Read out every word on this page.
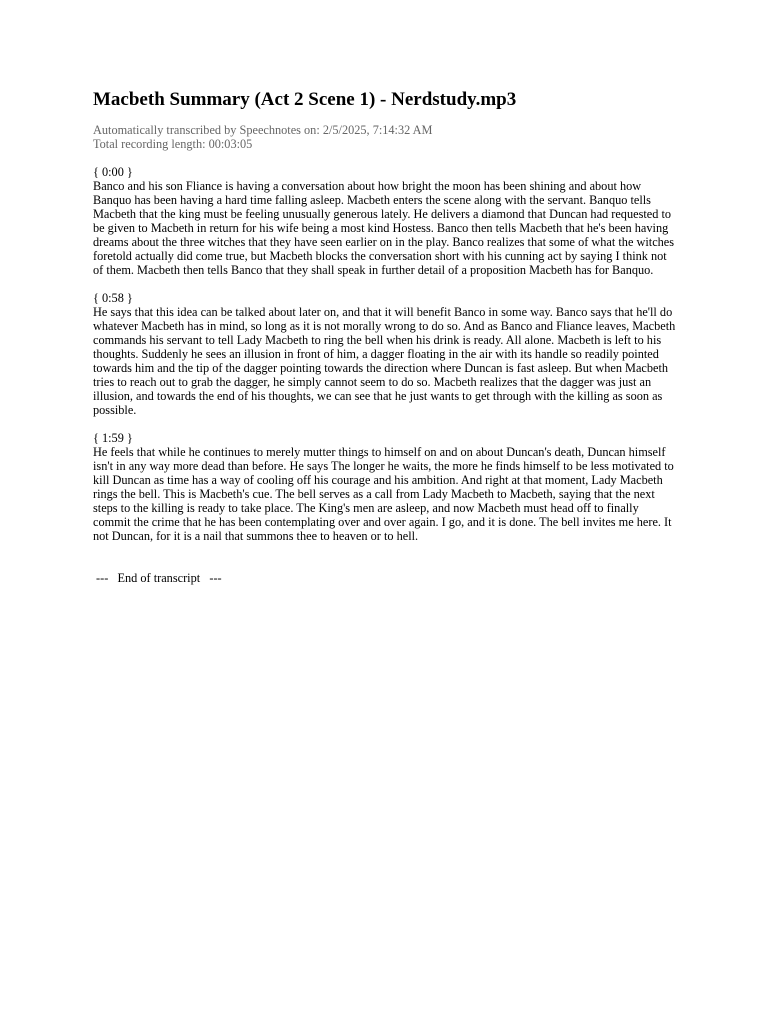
Macbeth Summary (Act 2 Scene 1) - Nerdstudy.mp3
Automatically transcribed by Speechnotes on: 2/5/2025, 7:14:32 AM
Total recording length: 00:03:05
{ 0:00 }

Banco and his son Fliance is having a conversation about how bright the moon has been shining and about how Banquo has been having a hard time falling asleep. Macbeth enters the scene along with the servant. Banquo tells Macbeth that the king must be feeling unusually generous lately. He delivers a diamond that Duncan had requested to be given to Macbeth in return for his wife being a most kind Hostess. Banco then tells Macbeth that he's been having dreams about the three witches that they have seen earlier on in the play. Banco realizes that some of what the witches foretold actually did come true, but Macbeth blocks the conversation short with his cunning act by saying I think not of them. Macbeth then tells Banco that they shall speak in further detail of a proposition Macbeth has for Banquo.

{ 0:58 }

He says that this idea can be talked about later on, and that it will benefit Banco in some way. Banco says that he'll do whatever Macbeth has in mind, so long as it is not morally wrong to do so. And as Banco and Fliance leaves, Macbeth commands his servant to tell Lady Macbeth to ring the bell when his drink is ready. All alone. Macbeth is left to his thoughts. Suddenly he sees an illusion in front of him, a dagger floating in the air with its handle so readily pointed towards him and the tip of the dagger pointing towards the direction where Duncan is fast asleep. But when Macbeth tries to reach out to grab the dagger, he simply cannot seem to do so. Macbeth realizes that the dagger was just an illusion, and towards the end of his thoughts, we can see that he just wants to get through with the killing as soon as possible.

{ 1:59 }

He feels that while he continues to merely mutter things to himself on and on about Duncan's death, Duncan himself isn't in any way more dead than before. He says The longer he waits, the more he finds himself to be less motivated to kill Duncan as time has a way of cooling off his courage and his ambition. And right at that moment, Lady Macbeth rings the bell. This is Macbeth's cue. The bell serves as a call from Lady Macbeth to Macbeth, saying that the next steps to the killing is ready to take place. The King's men are asleep, and now Macbeth must head off to finally commit the crime that he has been contemplating over and over again. I go, and it is done. The bell invites me here. It not Duncan, for it is a nail that summons thee to heaven or to hell.

---   End of transcript   ---
